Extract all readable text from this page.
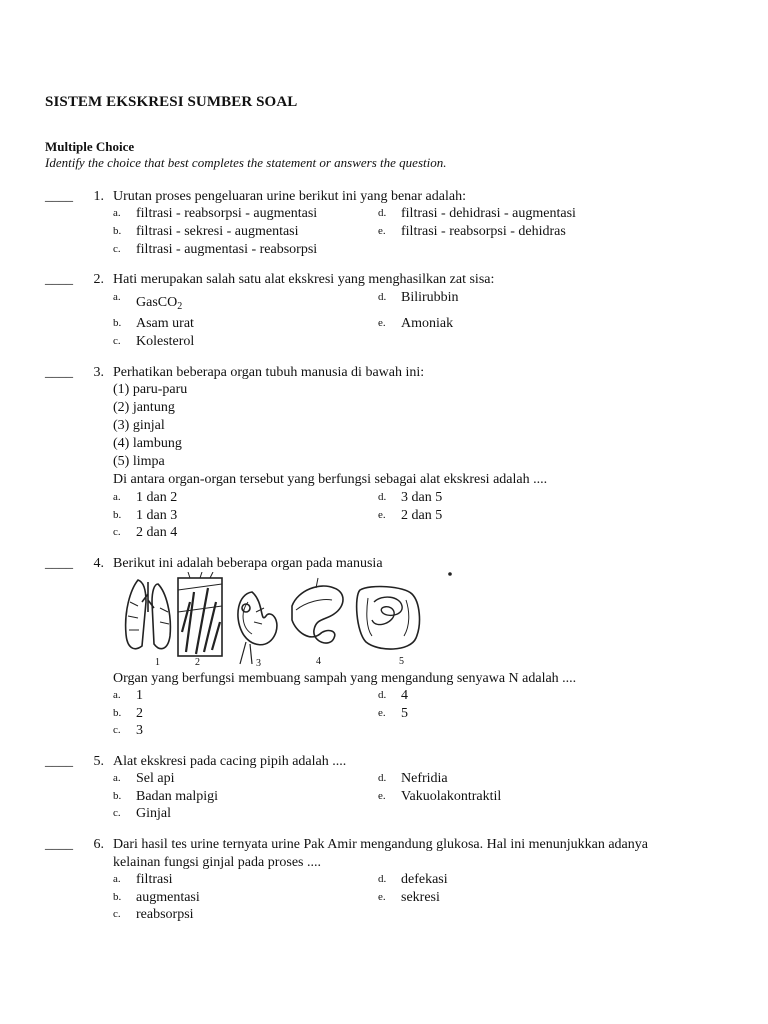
SISTEM EKSKRESI SUMBER SOAL
Multiple Choice
Identify the choice that best completes the statement or answers the question.
____	1. Urutan proses pengeluaran urine berikut ini yang benar adalah:
a. filtrasi - reabsorpsi - augmentasi	d. filtrasi - dehidrasi - augmentasi
b. filtrasi - sekresi - augmentasi	e. filtrasi - reabsorpsi - dehidras
c. filtrasi - augmentasi - reabsorpsi
____	2. Hati merupakan salah satu alat ekskresi yang menghasilkan zat sisa:
a. GasCO$_2$
d. Bilirubbin
b. Asam urat	e. Amoniak
c. Kolesterol
____	3. Perhatikan beberapa organ tubuh manusia di bawah ini:
(1) paru-paru
(2) jantung
(3) ginjal
(4) lambung
(5) limpa
Di antara organ-organ tersebut yang berfungsi sebagai alat ekskresi adalah ....
a. 1 dan 2	d. 3 dan 5
b. 1 dan 3	e. 2 dan 5
c. 2 dan 4
____	4. Berikut ini adalah beberapa organ pada manusia
1	2	3	4	5
Organ yang berfungsi membuang sampah yang mengandung senyawa N adalah ....
a. 1	d. 4
b. 2	e. 5
c. 3
____	5. Alat ekskresi pada cacing pipih adalah ....
a. Sel api	d. Nefridia
b. Badan malpigi	e. Vakuolakontraktil
c. Ginjal
____	6. Dari hasil tes urine ternyata urine Pak Amir mengandung glukosa. Hal ini menunjukkan adanya
kelainan fungsi ginjal pada proses ....
a. filtrasi	d. defekasi
b. augmentasi	e. sekresi
c. reabsorpsi
